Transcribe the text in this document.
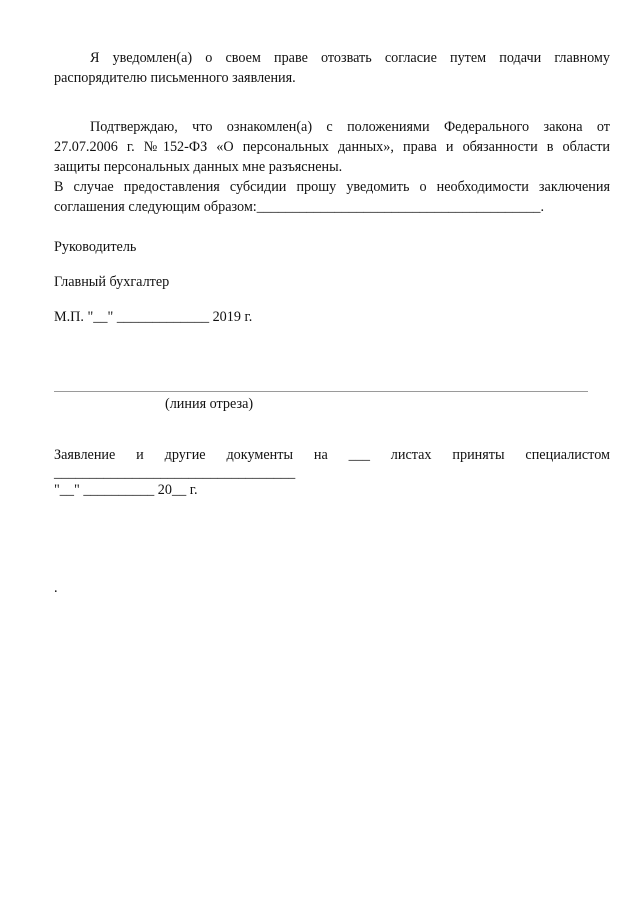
Я уведомлен(а) о своем праве отозвать согласие путем подачи главному
распорядителю письменного заявления.
Подтверждаю, что ознакомлен(а) с положениями Федерального закона от
27.07.2006 г. №152-ФЗ «О персональных данных», права и обязанности в области
защиты персональных данных мне разъяснены.
В случае предоставления субсидии прошу уведомить о необходимости заключения
соглашения следующим образом:________________________________________.
Руководитель
Главный бухгалтер
М.П. "__" _____________ 2019 г.
(линия отреза)
Заявление и другие документы на ___ листах приняты специалистом
__________________________________
"__" __________ 20__ г.
.
